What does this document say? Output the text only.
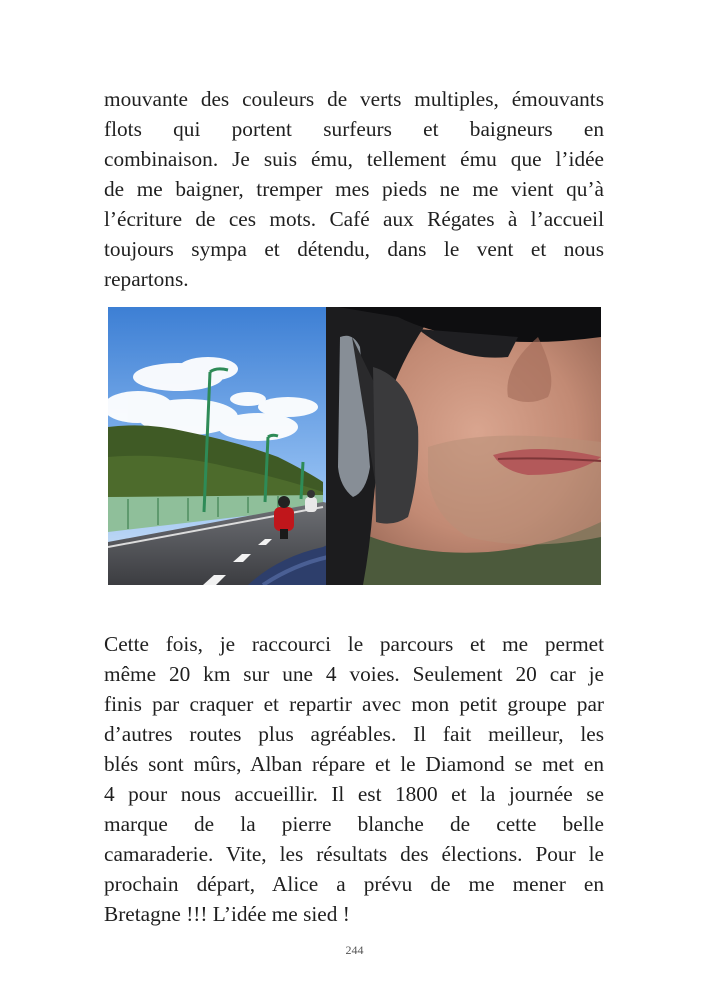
mouvante des couleurs de verts multiples, émouvants
flots qui portent surfeurs et baigneurs en
combinaison. Je suis ému, tellement ému que l’idée
de me baigner, tremper mes pieds ne me vient qu’à
l’écriture de ces mots. Café aux Régates à l’accueil
toujours sympa et détendu, dans le vent et nous
repartons.
Cette fois, je raccourci le parcours et me permet
même 20 km sur une 4 voies. Seulement 20 car je
finis par craquer et repartir avec mon petit groupe par
d’autres routes plus agréables. Il fait meilleur, les
blés sont mûrs, Alban répare et le Diamond se met en
4 pour nous accueillir. Il est 1800 et la journée se
marque de la pierre blanche de cette belle
camaraderie. Vite, les résultats des élections. Pour le
prochain départ, Alice a prévu de me mener en
Bretagne !!! L’idée me sied !
244
